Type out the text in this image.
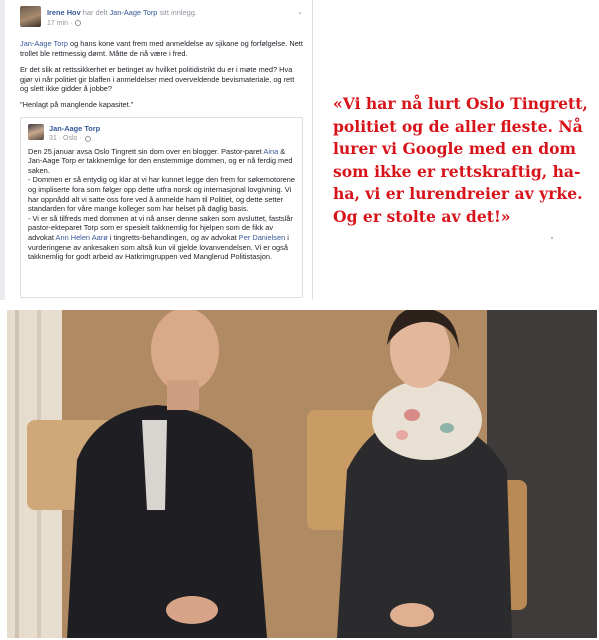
⌄
Irene Hov har delt Jan-Aage Torp sitt innlegg.
17 min ·
Jan-Aage Torp og hans kone vant frem med anmeldelse av sjikane og forfølgelse. Nett trollet ble rettmessig dømt. Måtte de nå være i fred.
Er det slik at rettssikkerhet er betinget av hvilket politidistrikt du er i møte med? Hva gjør vi når politiet gir blaffen i anmeldelser med overveldende bevismateriale, og rett og slett ikke gidder å jobbe?
"Henlagt på manglende kapasitet."
Jan-Aage Torp
31 · Oslo ·

Den 25.januar avsa Oslo Tingrett sin dom over en blogger. Pastor-paret Aina & Jan-Aage Torp er takknemlige for den enstemmige dommen, og er nå ferdig med saken.

- Dommen er så entydig og klar at vi har kunnet legge den frem for søkemotorene og impliserte fora som følger opp dette utfra norsk og internasjonal lovgivning. Vi har oppnådd alt vi satte oss fore ved å anmelde ham til Politiet, og dette setter standarden for våre mange kolleger som har helset på daglig basis.

- Vi er så tilfreds med dommen at vi nå anser denne saken som avsluttet, fastslår pastor-ekteparet Torp som er spesielt takknemlig for hjelpen som de fikk av advokat Ann Helen Aarø i tingretts-behandlingen, og av advokat Per Danielsen i vurderingene av ankesaken som altså kun vil gjelde lovanvendelsen. Vi er også takknemlig for godt arbeid av Hatkrimgruppen ved Manglerud Politistasjon.

«Vi har nå lurt Oslo Tingrett,
politiet og de aller fleste. Nå
lurer vi Google med en dom
som ikke er rettskraftig, ha-
ha, vi er lurendreier av yrke.
Og er stolte av det!»
